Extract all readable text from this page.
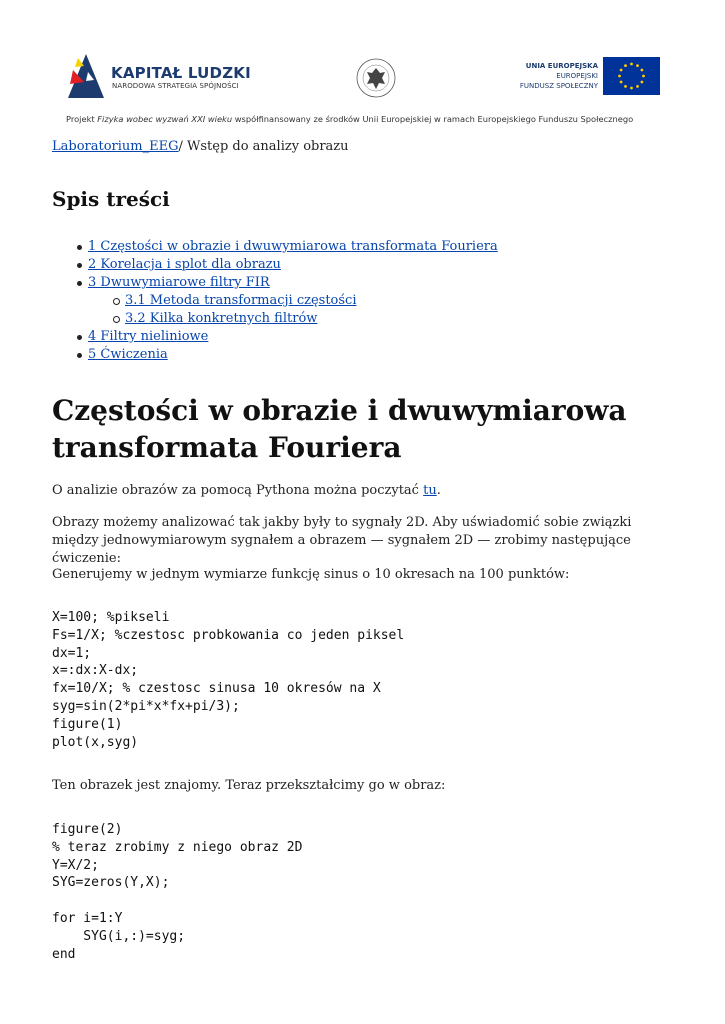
KAPITAŁ LUDZKI
NARODOWA STRATEGIA SPÓJNOŚCI
UNIA EUROPEJSKA
EUROPEJSKI
FUNDUSZ SPOŁECZNY
Projekt Fizyka wobec wyzwań XXI wieku współfinansowany ze środków Unii Europejskiej w ramach Europejskiego Funduszu Społecznego
Laboratorium_EEG/ Wstęp do analizy obrazu
Spis treści
1 Częstości w obrazie i dwuwymiarowa transformata Fouriera
2 Korelacja i splot dla obrazu
3 Dwuwymiarowe filtry FIR
3.1 Metoda transformacji częstości
3.2 Kilka konkretnych filtrów
4 Filtry nieliniowe
5 Ćwiczenia
Częstości w obrazie i dwuwymiarowa
transformata Fouriera

O analizie obrazów za pomocą Pythona można poczytać tu.

Obrazy możemy analizować tak jakby były to sygnały 2D. Aby uświadomić sobie związki między jednowymiarowym sygnałem a obrazem — sygnałem 2D — zrobimy następujące ćwiczenie:

Generujemy w jednym wymiarze funkcję sinus o 10 okresach na 100 punktów:

X=100; %pikseli
Fs=1/X; %czestosc probkowania co jeden piksel
dx=1;
x=:dx:X-dx;
fx=10/X; % czestosc sinusa 10 okresów na X
syg=sin(2*pi*x*fx+pi/3);
figure(1)
plot(x,syg)

Ten obrazek jest znajomy. Teraz przekształcimy go w obraz:

figure(2)
% teraz zrobimy z niego obraz 2D
Y=X/2;
SYG=zeros(Y,X);

for i=1:Y
SYG(i,:)=syg;
end
